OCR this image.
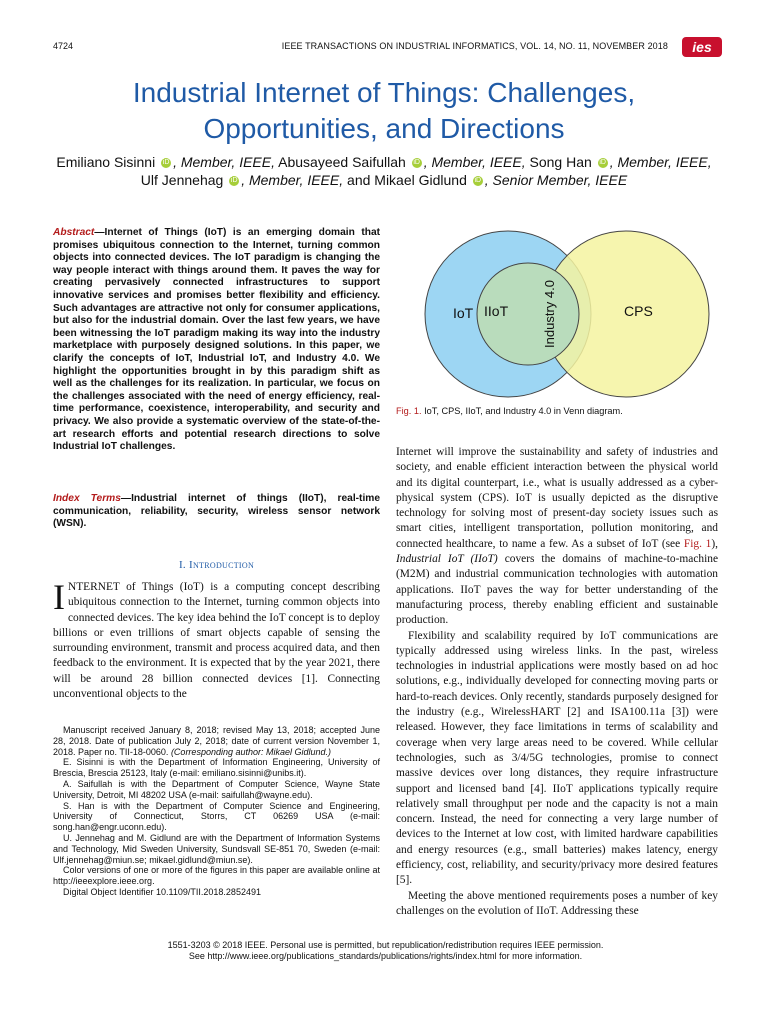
4724	IEEE TRANSACTIONS ON INDUSTRIAL INFORMATICS, VOL. 14, NO. 11, NOVEMBER 2018 ies
Industrial Internet of Things: Challenges,
Opportunities, and Directions
Emiliano Sisinni iD , Member, IEEE, Abusayeed Saifullah iD , Member, IEEE, Song Han iD , Member, IEEE,
Ulf Jennehag iD , Member, IEEE, and Mikael Gidlund iD , Senior Member, IEEE
Abstract—Internet of Things (IoT) is an emerging domain that promises ubiquitous connection to the Internet, turning common objects into connected devices. The IoT paradigm is changing the way people interact with things around them. It paves the way for creating pervasively connected infrastructures to support innovative services and promises better flexibility and efficiency. Such advantages are attractive not only for consumer applications, but also for the industrial domain. Over the last few years, we have been witnessing the IoT paradigm making its way into the industry marketplace with purposely designed solutions. In this paper, we clarify the concepts of IoT, Industrial IoT, and Industry 4.0. We highlight the opportunities brought in by this paradigm shift as well as the challenges for its realization. In particular, we focus on the challenges associated with the need of energy efficiency, real-time performance, coexistence, interoperability, and security and privacy. We also provide a systematic overview of the state-of-the-art research efforts and potential research directions to solve Industrial IoT challenges.
Index Terms—Industrial internet of things (IIoT), real-time communication, reliability, security, wireless sensor network (WSN).
I. Introduction
INTERNET of Things (IoT) is a computing concept describing ubiquitous connection to the Internet, turning common objects into connected devices. The key idea behind the IoT concept is to deploy billions or even trillions of smart objects capable of sensing the surrounding environment, transmit and process acquired data, and then feedback to the environment. It is expected that by the year 2021, there will be around 28 billion connected devices [1]. Connecting unconventional objects to the

Manuscript received January 8, 2018; revised May 13, 2018; accepted June 28, 2018. Date of publication July 2, 2018; date of current version November 1, 2018. Paper no. TII-18-0060. (Corresponding author: Mikael Gidlund.)

E. Sisinni is with the Department of Information Engineering, University of Brescia, Brescia 25123, Italy (e-mail: emiliano.sisinni@unibs.it).

A. Saifullah is with the Department of Computer Science, Wayne State University, Detroit, MI 48202 USA (e-mail: saifullah@wayne.edu).

S. Han is with the Department of Computer Science and Engineering, University of Connecticut, Storrs, CT 06269 USA (e-mail: song.han@engr.uconn.edu).

U. Jennehag and M. Gidlund are with the Department of Information Systems and Technology, Mid Sweden University, Sundsvall SE-851 70, Sweden (e-mail: Ulf.jennehag@miun.se; mikael.gidlund@miun.se).

Color versions of one or more of the figures in this paper are available online at http://ieeexplore.ieee.org.

Digital Object Identifier 10.1109/TII.2018.2852491

IoT IIoT	Industry 4.0	CPS
Fig. 1. IoT, CPS, IIoT, and Industry 4.0 in Venn diagram.

Internet will improve the sustainability and safety of industries and society, and enable efficient interaction between the physical world and its digital counterpart, i.e., what is usually addressed as a cyber-physical system (CPS). IoT is usually depicted as the disruptive technology for solving most of present-day society issues such as smart cities, intelligent transportation, pollution monitoring, and connected healthcare, to name a few. As a subset of IoT (see Fig. 1), Industrial IoT (IIoT) covers the domains of machine-to-machine (M2M) and industrial communication technologies with automation applications. IIoT paves the way for better understanding of the manufacturing process, thereby enabling efficient and sustainable production.

Flexibility and scalability required by IoT communications are typically addressed using wireless links. In the past, wireless technologies in industrial applications were mostly based on ad hoc solutions, e.g., individually developed for connecting moving parts or hard-to-reach devices. Only recently, standards purposely designed for the industry (e.g., WirelessHART [2] and ISA100.11a [3]) were released. However, they face limitations in terms of scalability and coverage when very large areas need to be covered. While cellular technologies, such as 3/4/5G technologies, promise to connect massive devices over long distances, they require infrastructure support and licensed band [4]. IIoT applications typically require relatively small throughput per node and the capacity is not a main concern. Instead, the need for connecting a very large number of devices to the Internet at low cost, with limited hardware capabilities and energy resources (e.g., small batteries) makes latency, energy efficiency, cost, reliability, and security/privacy more desired features [5].

Meeting the above mentioned requirements poses a number of key challenges on the evolution of IIoT. Addressing these

1551-3203 © 2018 IEEE. Personal use is permitted, but republication/redistribution requires IEEE permission.
See http://www.ieee.org/publications_standards/publications/rights/index.html for more information.
